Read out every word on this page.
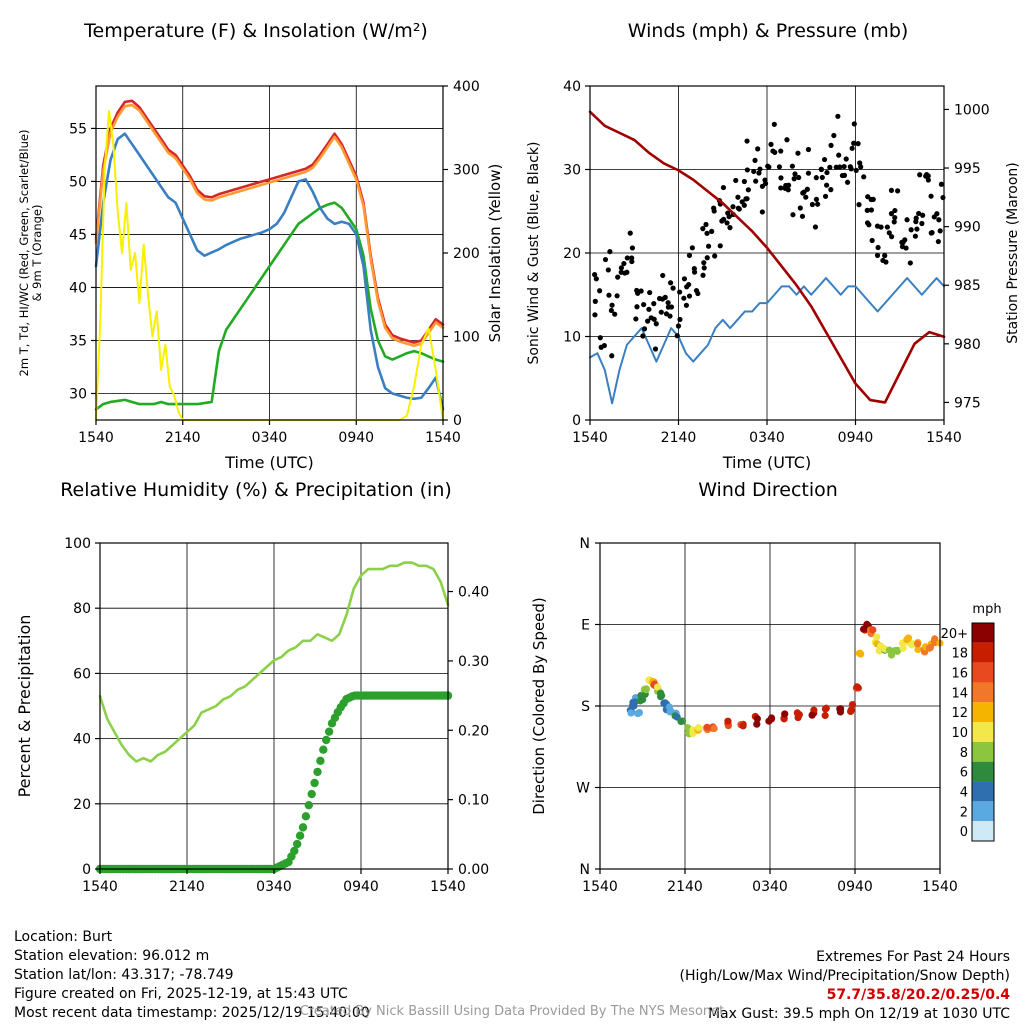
Temperature (F) & Insolation (W/m²)
1540	2140	0340	0940	1540
Time (UTC)
30
35
40
45
50
55
0
100
200
300
400
2m T, Td, HI/WC (Red, Green, Scarlet/Blue) & 9m T (Orange)	Solar Insolation (Yellow)
Winds (mph) & Pressure (mb)
1540	2140	0340	0940	1540
Time (UTC)
0
10
20
30
40
975
980
985
990
995
1000
Sonic Wind & Gust (Blue, Black)	Station Pressure (Maroon)
Relative Humidity (%) & Precipitation (in)
1540	2140	0340	0940	1540
0
20
40
60
80
100
0.00
0.10
0.20
0.30
0.40
Percent & Precipitation
Wind Direction
1540	2140	0340	0940	1540
N
W
S
E
N
Direction (Colored By Speed)	mph
20+
18
16
14
12
10
8
6
4
2
0
Location: Burt
Station elevation: 96.012 m
Station lat/lon: 43.317; -78.749
Figure created on Fri, 2025-12-19, at 15:43 UTC
Most recent data timestamp: 2025/12/19 15:40:00
Extremes For Past 24 Hours
(High/Low/Max Wind/Precipitation/Snow Depth)
57.7/35.8/20.2/0.25/0.4
Max Gust: 39.5 mph On 12/19 at 1030 UTC
Created By Nick Bassill Using Data Provided By The NYS Mesonet
